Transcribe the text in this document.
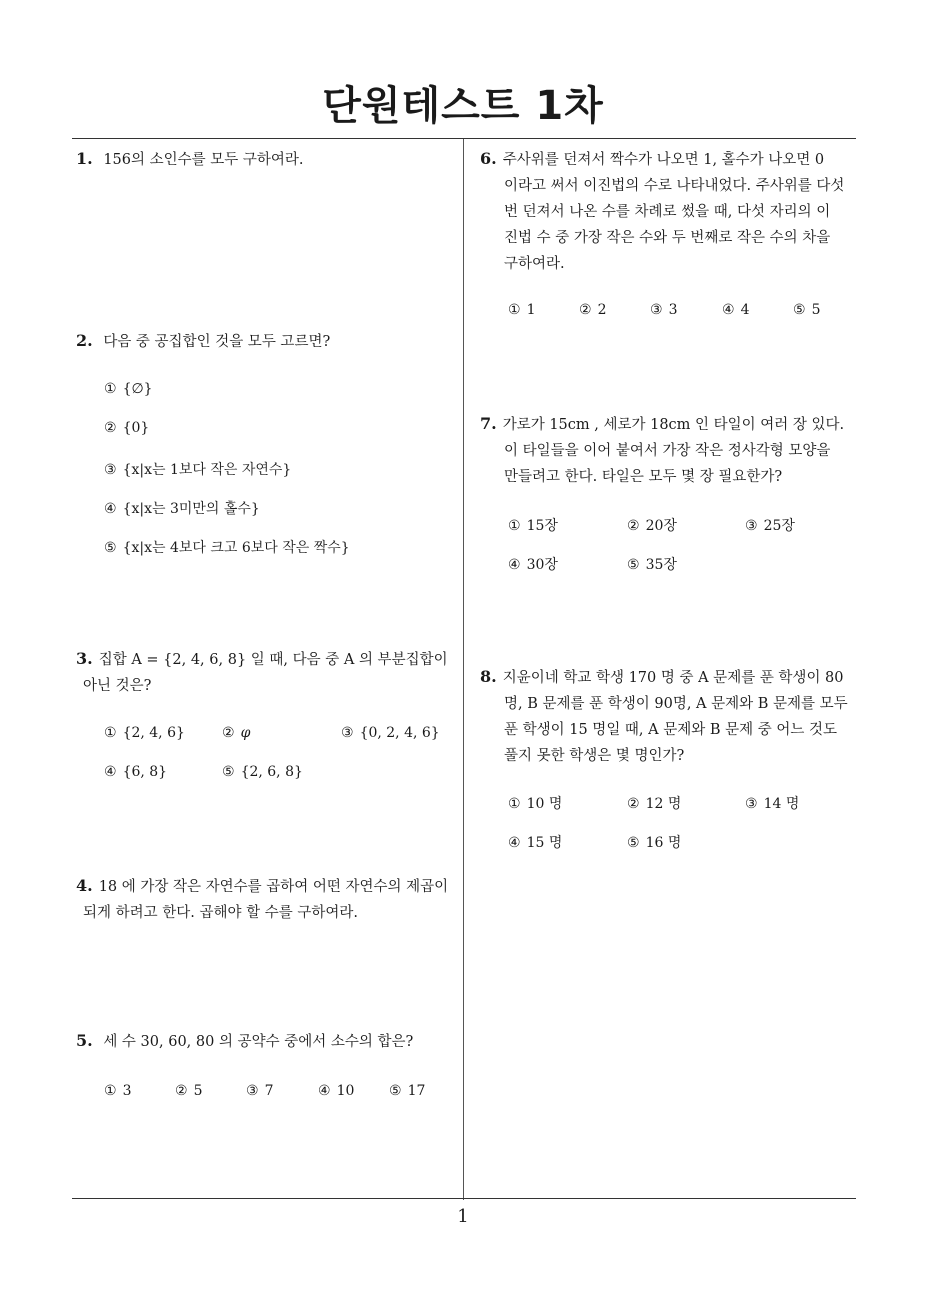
단원테스트 1차
1. 156의 소인수를 모두 구하여라.
2. 다음 중 공집합인 것을 모두 고르면?
① {∅}
② {0}
③ {x|x는 1보다 작은 자연수}
④ {x|x는 3미만의 홀수}
⑤ {x|x는 4보다 크고 6보다 작은 짝수}
3. 집합 A = {2, 4, 6, 8} 일 때, 다음 중 A 의 부분집합이
아닌 것은?
① {2, 4, 6}	② φ	③ {0, 2, 4, 6}
④ {6, 8}	⑤ {2, 6, 8}
4. 18 에 가장 작은 자연수를 곱하여 어떤 자연수의 제곱이
되게 하려고 한다. 곱해야 할 수를 구하여라.
5. 세 수 30, 60, 80 의 공약수 중에서 소수의 합은?
① 3	② 5	③ 7	④ 10 ⑤ 17
6. 주사위를 던져서 짝수가 나오면 1, 홀수가 나오면 0
이라고 써서 이진법의 수로 나타내었다. 주사위를 다섯
번 던져서 나온 수를 차례로 썼을 때, 다섯 자리의 이
진법 수 중 가장 작은 수와 두 번째로 작은 수의 차을
구하여라.
① 1	② 2	③ 3	④ 4	⑤ 5
7. 가로가 15cm , 세로가 18cm 인 타일이 여러 장 있다.
이 타일들을 이어 붙여서 가장 작은 정사각형 모양을
만들려고 한다. 타일은 모두 몇 장 필요한가?
① 15장	② 20장	③ 25장
④ 30장	⑤ 35장
8. 지윤이네 학교 학생 170 명 중 A 문제를 푼 학생이 80
명, B 문제를 푼 학생이 90명, A 문제와 B 문제를 모두
푼 학생이 15 명일 때, A 문제와 B 문제 중 어느 것도
풀지 못한 학생은 몇 명인가?
① 10 명	② 12 명	③ 14 명
④ 15 명	⑤ 16 명
1
